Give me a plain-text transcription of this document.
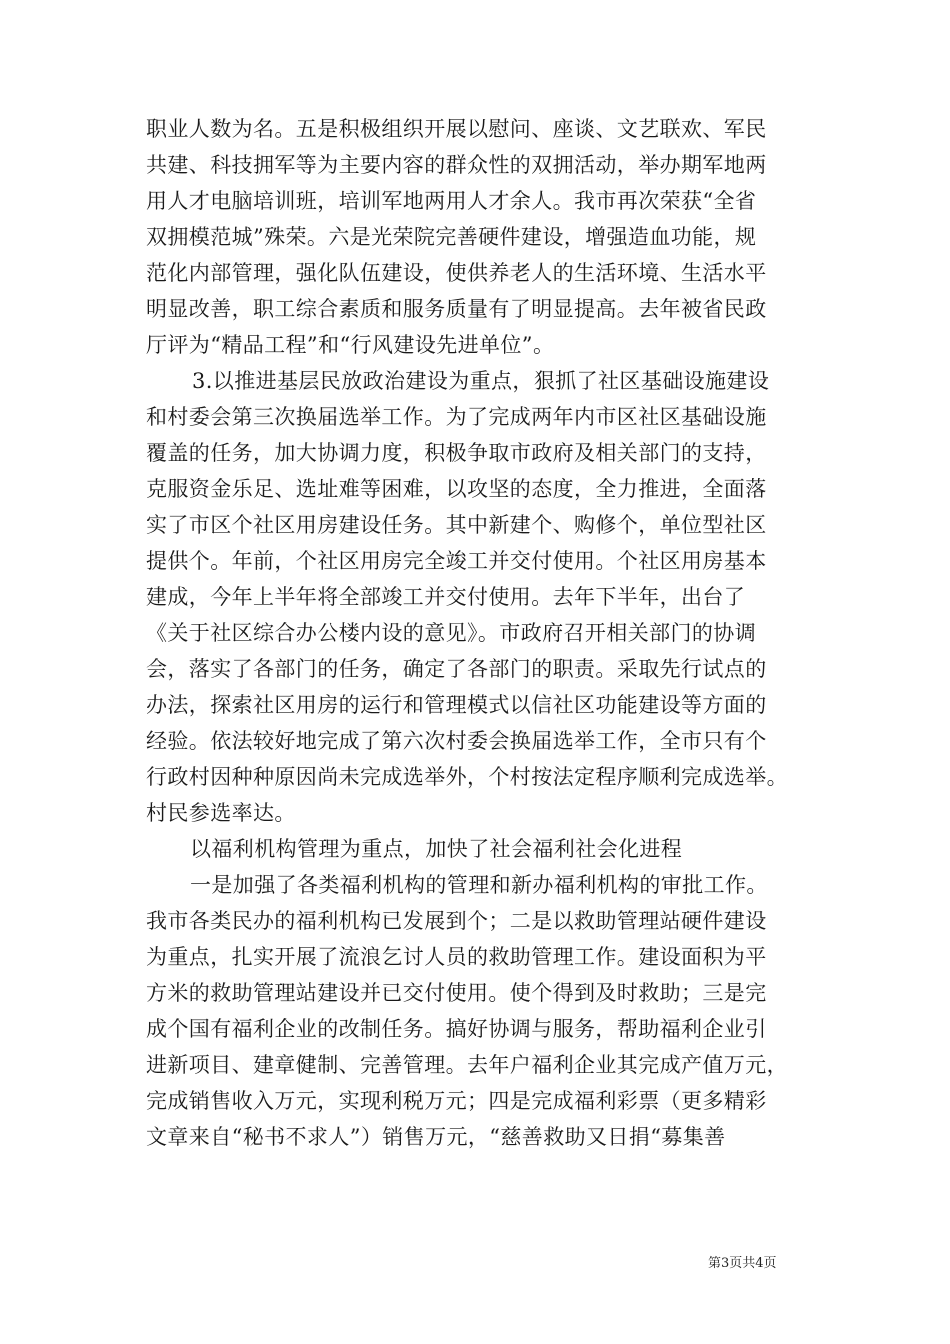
职业人数为名。五是积极组织开展以慰问、座谈、文艺联欢、军民
共建、科技拥军等为主要内容的群众性的双拥活动，举办期军地两
用人才电脑培训班，培训军地两用人才余人。我市再次荣获“全省
双拥模范城”殊荣。六是光荣院完善硬件建设，增强造血功能，规
范化内部管理，强化队伍建设，使供养老人的生活环境、生活水平
明显改善，职工综合素质和服务质量有了明显提高。去年被省民政
厅评为“精品工程”和“行风建设先进单位”。
3.以推进基层民放政治建设为重点，狠抓了社区基础设施建设
和村委会第三次换届选举工作。为了完成两年内市区社区基础设施
覆盖的任务，加大协调力度，积极争取市政府及相关部门的支持，
克服资金乐足、选址难等困难，以攻坚的态度，全力推进，全面落
实了市区个社区用房建设任务。其中新建个、购修个，单位型社区
提供个。年前，个社区用房完全竣工并交付使用。个社区用房基本
建成，今年上半年将全部竣工并交付使用。去年下半年，出台了
《关于社区综合办公楼内设的意见》。市政府召开相关部门的协调
会，落实了各部门的任务，确定了各部门的职责。采取先行试点的
办法，探索社区用房的运行和管理模式以信社区功能建设等方面的
经验。依法较好地完成了第六次村委会换届选举工作，全市只有个
行政村因种种原因尚未完成选举外，个村按法定程序顺利完成选举。
村民参选率达。
以福利机构管理为重点，加快了社会福利社会化进程
一是加强了各类福利机构的管理和新办福利机构的审批工作。
我市各类民办的福利机构已发展到个；二是以救助管理站硬件建设
为重点，扎实开展了流浪乞讨人员的救助管理工作。建设面积为平
方米的救助管理站建设并已交付使用。使个得到及时救助；三是完
成个国有福利企业的改制任务。搞好协调与服务，帮助福利企业引
进新项目、建章健制、完善管理。去年户福利企业其完成产值万元，
完成销售收入万元，实现利税万元；四是完成福利彩票（更多精彩
文章来自“秘书不求人”）销售万元，“慈善救助又日捐“募集善
第3页共4页
